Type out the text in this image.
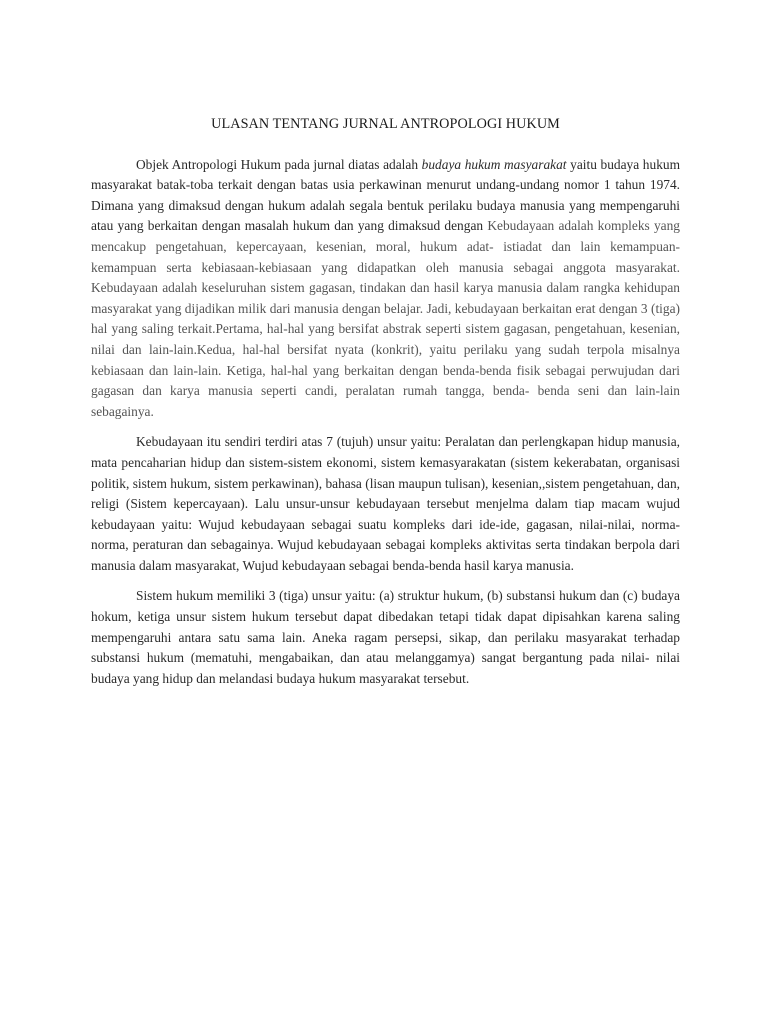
ULASAN TENTANG JURNAL ANTROPOLOGI HUKUM

Objek Antropologi Hukum pada jurnal diatas adalah budaya hukum masyarakat yaitu budaya hukum masyarakat batak-toba terkait dengan batas usia perkawinan menurut undang-undang nomor 1 tahun 1974. Dimana yang dimaksud dengan hukum adalah segala bentuk perilaku budaya manusia yang mempengaruhi atau yang berkaitan dengan masalah hukum dan yang dimaksud dengan Kebudayaan adalah kompleks yang mencakup pengetahuan, kepercayaan, kesenian, moral, hukum adat- istiadat dan lain kemampuan-kemampuan serta kebiasaan-kebiasaan yang didapatkan oleh manusia sebagai anggota masyarakat. Kebudayaan adalah keseluruhan sistem gagasan, tindakan dan hasil karya manusia dalam rangka kehidupan masyarakat yang dijadikan milik dari manusia dengan belajar. Jadi, kebudayaan berkaitan erat dengan 3 (tiga) hal yang saling terkait.Pertama, hal-hal yang bersifat abstrak seperti sistem gagasan, pengetahuan, kesenian, nilai dan lain-lain.Kedua, hal-hal bersifat nyata (konkrit), yaitu perilaku yang sudah terpola misalnya kebiasaan dan lain-lain. Ketiga, hal-hal yang berkaitan dengan benda-benda fisik sebagai perwujudan dari gagasan dan karya manusia seperti candi, peralatan rumah tangga, benda- benda seni dan lain-lain sebagainya.

Kebudayaan itu sendiri terdiri atas 7 (tujuh) unsur yaitu: Peralatan dan perlengkapan hidup manusia, mata pencaharian hidup dan sistem-sistem ekonomi, sistem kemasyarakatan (sistem kekerabatan, organisasi politik, sistem hukum, sistem perkawinan), bahasa (lisan maupun tulisan), kesenian,,sistem pengetahuan, dan, religi (Sistem kepercayaan). Lalu unsur-unsur kebudayaan tersebut menjelma dalam tiap macam wujud kebudayaan yaitu: Wujud kebudayaan sebagai suatu kompleks dari ide-ide, gagasan, nilai-nilai, norma- norma, peraturan dan sebagainya. Wujud kebudayaan sebagai kompleks aktivitas serta tindakan berpola dari manusia dalam masyarakat, Wujud kebudayaan sebagai benda-benda hasil karya manusia.

Sistem hukum memiliki 3 (tiga) unsur yaitu: (a) struktur hukum, (b) substansi hukum dan (c) budaya hokum, ketiga unsur sistem hukum tersebut dapat dibedakan tetapi tidak dapat dipisahkan karena saling mempengaruhi antara satu sama lain. Aneka ragam persepsi, sikap, dan perilaku masyarakat terhadap substansi hukum (mematuhi, mengabaikan, dan atau melanggamya) sangat bergantung pada nilai- nilai budaya yang hidup dan melandasi budaya hukum masyarakat tersebut.
